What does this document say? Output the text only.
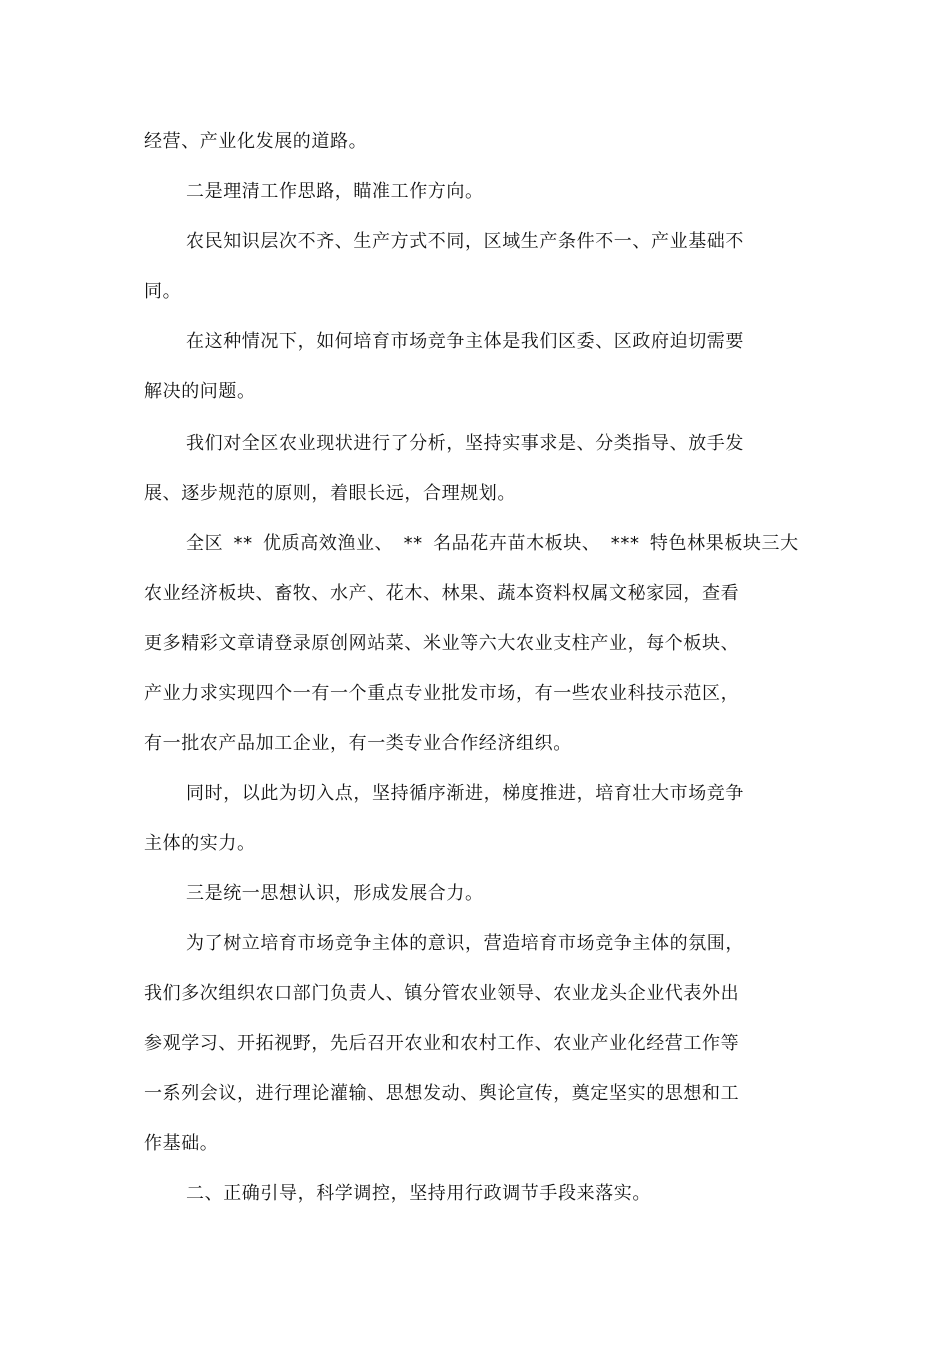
经营、产业化发展的道路。
二是理清工作思路，瞄准工作方向。
农民知识层次不齐、生产方式不同，区域生产条件不一、产业基础不
同。
在这种情况下，如何培育市场竞争主体是我们区委、区政府迫切需要
解决的问题。
我们对全区农业现状进行了分析，坚持实事求是、分类指导、放手发
展、逐步规范的原则，着眼长远，合理规划。
全区 ** 优质高效渔业、 ** 名品花卉苗木板块、 *** 特色林果板块三大
农业经济板块、畜牧、水产、花木、林果、蔬本资料权属文秘家园，查看
更多精彩文章请登录原创网站菜、米业等六大农业支柱产业，每个板块、
产业力求实现四个一有一个重点专业批发市场，有一些农业科技示范区，
有一批农产品加工企业，有一类专业合作经济组织。
同时，以此为切入点，坚持循序渐进，梯度推进，培育壮大市场竞争
主体的实力。
三是统一思想认识，形成发展合力。
为了树立培育市场竞争主体的意识，营造培育市场竞争主体的氛围，
我们多次组织农口部门负责人、镇分管农业领导、农业龙头企业代表外出
参观学习、开拓视野，先后召开农业和农村工作、农业产业化经营工作等
一系列会议，进行理论灌输、思想发动、舆论宣传，奠定坚实的思想和工
作基础。
二、正确引导，科学调控，坚持用行政调节手段来落实。
